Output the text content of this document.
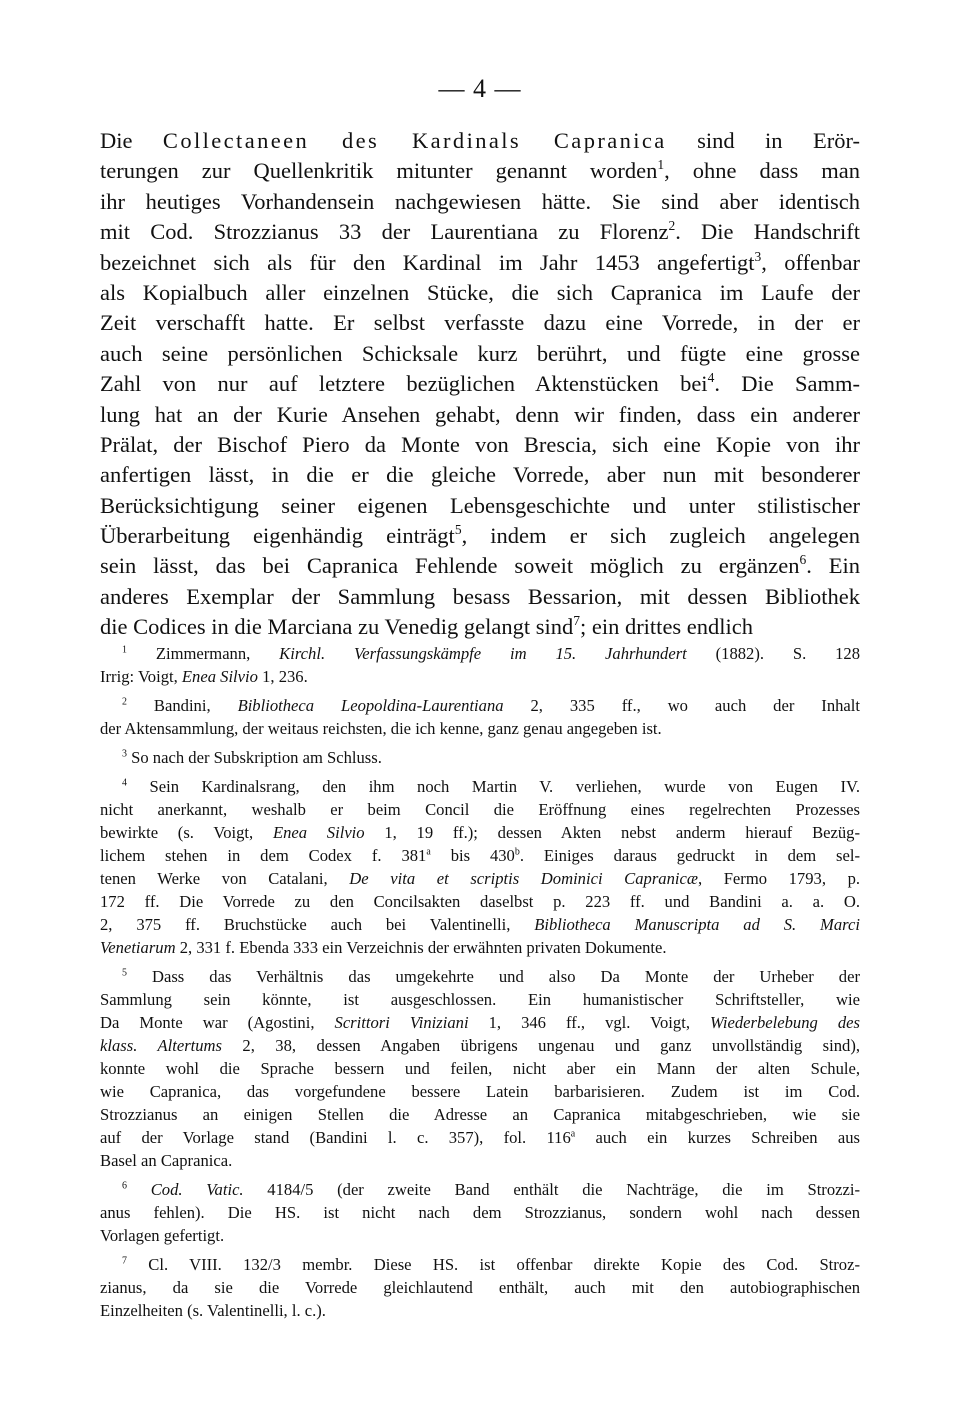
— 4 —
Die Collectaneen des Kardinals Capranica sind in Erör-
terungen zur Quellenkritik mitunter genannt worden$^1$, ohne dass man
ihr heutiges Vorhandensein nachgewiesen hätte. Sie sind aber identisch
mit Cod. Strozzianus 33 der Laurentiana zu Florenz$^2$. Die Handschrift
bezeichnet sich als für den Kardinal im Jahr 1453 angefertigt$^3$, offenbar
als Kopialbuch aller einzelnen Stücke, die sich Capranica im Laufe der
Zeit verschafft hatte. Er selbst verfasste dazu eine Vorrede, in der er
auch seine persönlichen Schicksale kurz berührt, und fügte eine grosse
Zahl von nur auf letztere bezüglichen Aktenstücken bei$^4$. Die Samm-
lung hat an der Kurie Ansehen gehabt, denn wir finden, dass ein anderer
Prälat, der Bischof Piero da Monte von Brescia, sich eine Kopie von ihr
anfertigen lässt, in die er die gleiche Vorrede, aber nun mit besonderer
Berücksichtigung seiner eigenen Lebensgeschichte und unter stilistischer
Überarbeitung eigenhändig einträgt$^5$, indem er sich zugleich angelegen
sein lässt, das bei Capranica Fehlende soweit möglich zu ergänzen$^6$. Ein
anderes Exemplar der Sammlung besass Bessarion, mit dessen Bibliothek
die Codices in die Marciana zu Venedig gelangt sind$^7$; ein drittes endlich
$^1$ Zimmermann, Kirchl. Verfassungskämpfe im 15. Jahrhundert (1882). S. 128
Irrig: Voigt, Enea Silvio 1, 236.
$^2$ Bandini, Bibliotheca Leopoldina-Laurentiana 2, 335 ff., wo auch der Inhalt
der Aktensammlung, der weitaus reichsten, die ich kenne, ganz genau angegeben ist.
$^3$ So nach der Subskription am Schluss.
$^4$ Sein Kardinalsrang, den ihm noch Martin V. verliehen, wurde von Eugen IV.
nicht anerkannt, weshalb er beim Concil die Eröffnung eines regelrechten Prozesses
bewirkte (s. Voigt, Enea Silvio 1, 19 ff.); dessen Akten nebst anderm hierauf Bezüg-
lichem stehen in dem Codex f. 381$^a$ bis 430$^b$. Einiges daraus gedruckt in dem sel-
tenen Werke von Catalani, De vita et scriptis Dominici Capranicæ, Fermo 1793, p.
172 ff. Die Vorrede zu den Concilsakten daselbst p. 223 ff. und Bandini a. a. O.
2, 375 ff. Bruchstücke auch bei Valentinelli, Bibliotheca Manuscripta ad S. Marci
Venetiarum 2, 331 f. Ebenda 333 ein Verzeichnis der erwähnten privaten Dokumente.
$^5$ Dass das Verhältnis das umgekehrte und also Da Monte der Urheber der
Sammlung sein könnte, ist ausgeschlossen. Ein humanistischer Schriftsteller, wie
Da Monte war (Agostini, Scrittori Viniziani 1, 346 ff., vgl. Voigt, Wiederbelebung des
klass. Altertums 2, 38, dessen Angaben übrigens ungenau und ganz unvollständig sind),
konnte wohl die Sprache bessern und feilen, nicht aber ein Mann der alten Schule,
wie Capranica, das vorgefundene bessere Latein barbarisieren. Zudem ist im Cod.
Strozzianus an einigen Stellen die Adresse an Capranica mitabgeschrieben, wie sie
auf der Vorlage stand (Bandini l. c. 357), fol. 116$^a$ auch ein kurzes Schreiben aus
Basel an Capranica.
$^6$ Cod. Vatic. 4184/5 (der zweite Band enthält die Nachträge, die im Strozzi-
anus fehlen). Die HS. ist nicht nach dem Strozzianus, sondern wohl nach dessen
Vorlagen gefertigt.
$^7$ Cl. VIII. 132/3 membr. Diese HS. ist offenbar direkte Kopie des Cod. Stroz-
zianus, da sie die Vorrede gleichlautend enthält, auch mit den autobiographischen
Einzelheiten (s. Valentinelli, l. c.).
